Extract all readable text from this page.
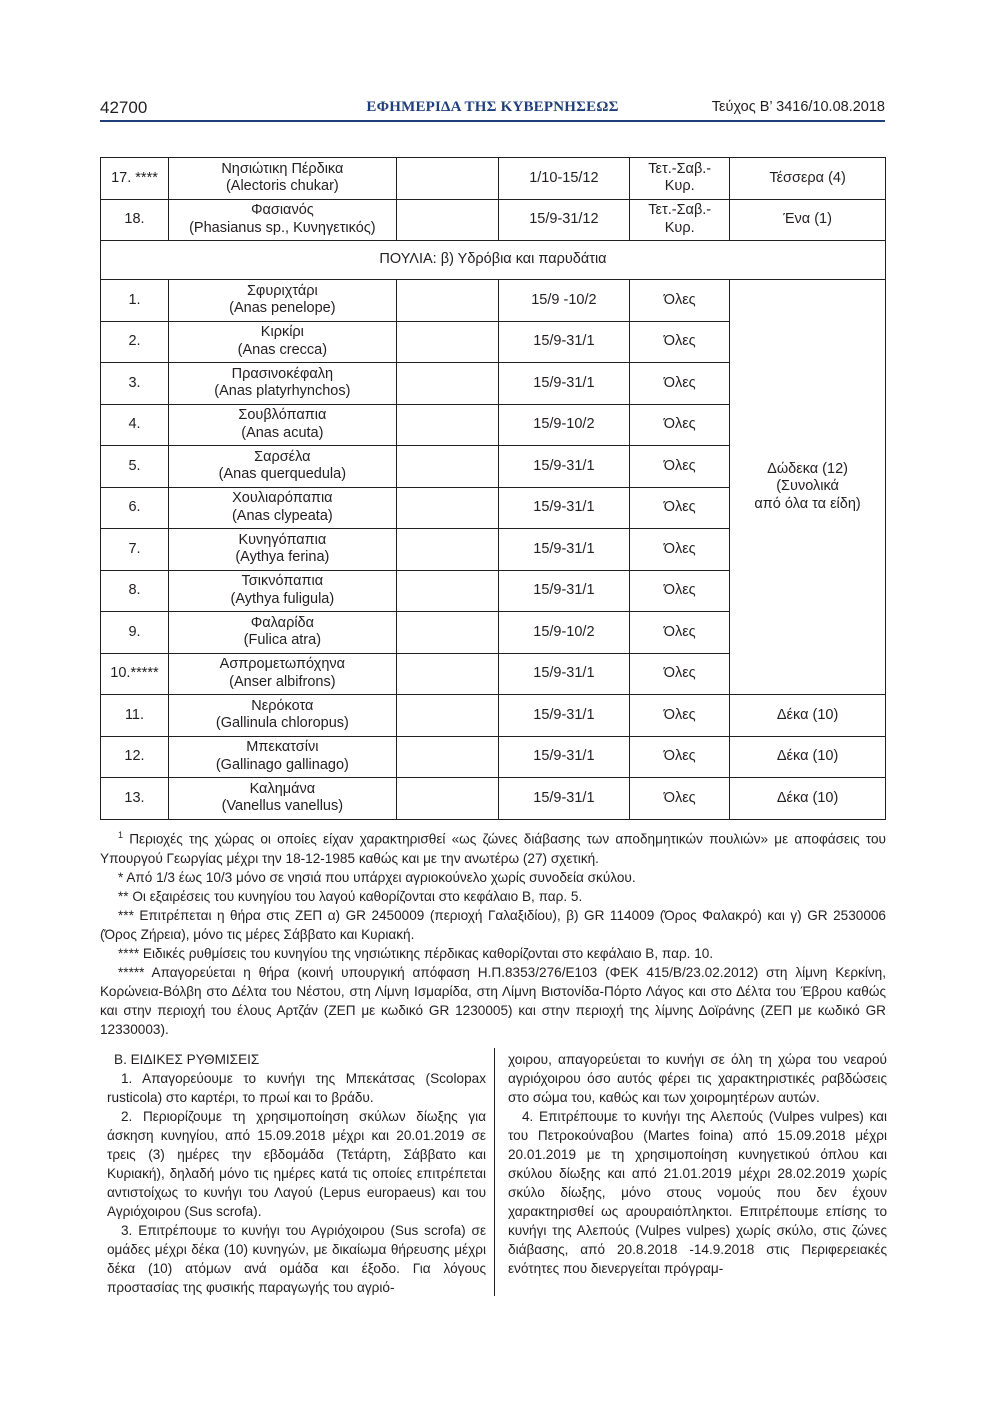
42700	ΕΦΗΜΕΡΙΔΑ ΤΗΣ ΚΥΒΕΡΝΗΣΕΩΣ	Τεύχος Β’ 3416/10.08.2018
17. ****	Νησιώτικη Πέρδικα
(Alectoris chukar)		1/10-15/12	Τετ.-Σαβ.-Κυρ.	Τέσσερα (4)
18.	Φασιανός
(Phasianus sp., Κυνηγετικός)		15/9-31/12	Τετ.-Σαβ.-Κυρ.	Ένα (1)
ΠΟΥΛΙΑ: β) Υδρόβια και παρυδάτια					
1.	Σφυριχτάρι
(Anas penelope)		15/9 -10/2	Όλες	Δώδεκα (12)
(Συνολικά
από όλα τα είδη)

2.	Κιρκίρι
(Anas crecca)		15/9-31/1	Όλες	
3.	Πρασινοκέφαλη
(Anas platyrhynchos)		15/9-31/1	Όλες	
4.	Σουβλόπαπια
(Anas acuta)		15/9-10/2	Όλες	
5.	Σαρσέλα
(Anas querquedula)		15/9-31/1	Όλες	
6.	Χουλιαρόπαπια
(Anas clypeata)		15/9-31/1	Όλες	
7.	Κυνηγόπαπια
(Aythya ferina)		15/9-31/1	Όλες	
8.	Τσικνόπαπια
(Aythya fuligula)		15/9-31/1	Όλες	
9.	Φαλαρίδα
(Fulica atra)		15/9-10/2	Όλες	
10.*****	Ασπρομετωπόχηνα
(Anser albifrons)		15/9-31/1	Όλες	
11.	Νερόκοτα
(Gallinula chloropus)		15/9-31/1	Όλες	Δέκα (10)
12.	Μπεκατσίνι
(Gallinago gallinago)		15/9-31/1	Όλες	Δέκα (10)
13.	Καλημάνα
(Vanellus vanellus)		15/9-31/1	Όλες	Δέκα (10)

$^1$ Περιοχές της χώρας οι οποίες είχαν χαρακτηρισθεί «ως ζώνες διάβασης των αποδημητικών πουλιών» με αποφάσεις του Υπουργού Γεωργίας μέχρι την 18-12-1985 καθώς και με την ανωτέρω (27) σχετική.

* Από 1/3 έως 10/3 μόνο σε νησιά που υπάρχει αγριοκούνελο χωρίς συνοδεία σκύλου.

** Οι εξαιρέσεις του κυνηγίου του λαγού καθορίζονται στο κεφάλαιο Β, παρ. 5.

*** Επιτρέπεται η θήρα στις ΖΕΠ α) GR 2450009 (περιοχή Γαλαξιδίου), β) GR 114009 (Όρος Φαλακρό) και γ) GR 2530006 (Όρος Ζήρεια), μόνο τις μέρες Σάββατο και Κυριακή.

**** Ειδικές ρυθμίσεις του κυνηγίου της νησιώτικης πέρδικας καθορίζονται στο κεφάλαιο Β, παρ. 10.

***** Απαγορεύεται η θήρα (κοινή υπουργική απόφαση Η.Π.8353/276/Ε103 (ΦΕΚ 415/Β/23.02.2012) στη λίμνη Κερκίνη, Κορώνεια-Βόλβη στο Δέλτα του Νέστου, στη Λίμνη Ισμαρίδα, στη Λίμνη Βιστονίδα-Πόρτο Λάγος και στο Δέλτα του Έβρου καθώς και στην περιοχή του έλους Αρτζάν (ΖΕΠ με κωδικό GR 1230005) και στην περιοχή της λίμνης Δοϊράνης (ΖΕΠ με κωδικό GR 12330003).

Β. ΕΙΔΙΚΕΣ ΡΥΘΜΙΣΕΙΣ

1. Απαγορεύουμε το κυνήγι της Μπεκάτσας (Scolopax rusticola) στο καρτέρι, το πρωί και το βράδυ.

2. Περιορίζουμε τη χρησιμοποίηση σκύλων δίωξης για άσκηση κυνηγίου, από 15.09.2018 μέχρι και 20.01.2019 σε τρεις (3) ημέρες την εβδομάδα (Τετάρτη, Σάββατο και Κυριακή), δηλαδή μόνο τις ημέρες κατά τις οποίες επιτρέπεται αντιστοίχως το κυνήγι του Λαγού (Lepus europaeus) και του Αγριόχοιρου (Sus scrofa).

3. Επιτρέπουμε το κυνήγι του Αγριόχοιρου (Sus scrofa) σε ομάδες μέχρι δέκα (10) κυνηγών, με δικαίωμα θήρευσης μέχρι δέκα (10) ατόμων ανά ομάδα και έξοδο. Για λόγους προστασίας της φυσικής παραγωγής του αγριό-

χοιρου, απαγορεύεται το κυνήγι σε όλη τη χώρα του νεαρού αγριόχοιρου όσο αυτός φέρει τις χαρακτηριστικές ραβδώσεις στο σώμα του, καθώς και των χοιρομητέρων αυτών.

4. Επιτρέπουμε το κυνήγι της Αλεπούς (Vulpes vulpes) και του Πετροκούναβου (Martes foina) από 15.09.2018 μέχρι 20.01.2019 με τη χρησιμοποίηση κυνηγετικού όπλου και σκύλου δίωξης και από 21.01.2019 μέχρι 28.02.2019 χωρίς σκύλο δίωξης, μόνο στους νομούς που δεν έχουν χαρακτηρισθεί ως αρουραιόπληκτοι. Επιτρέπουμε επίσης το κυνήγι της Αλεπούς (Vulpes vulpes) χωρίς σκύλο, στις ζώνες διάβασης, από 20.8.2018 -14.9.2018 στις Περιφερειακές ενότητες που διενεργείται πρόγραμ-
